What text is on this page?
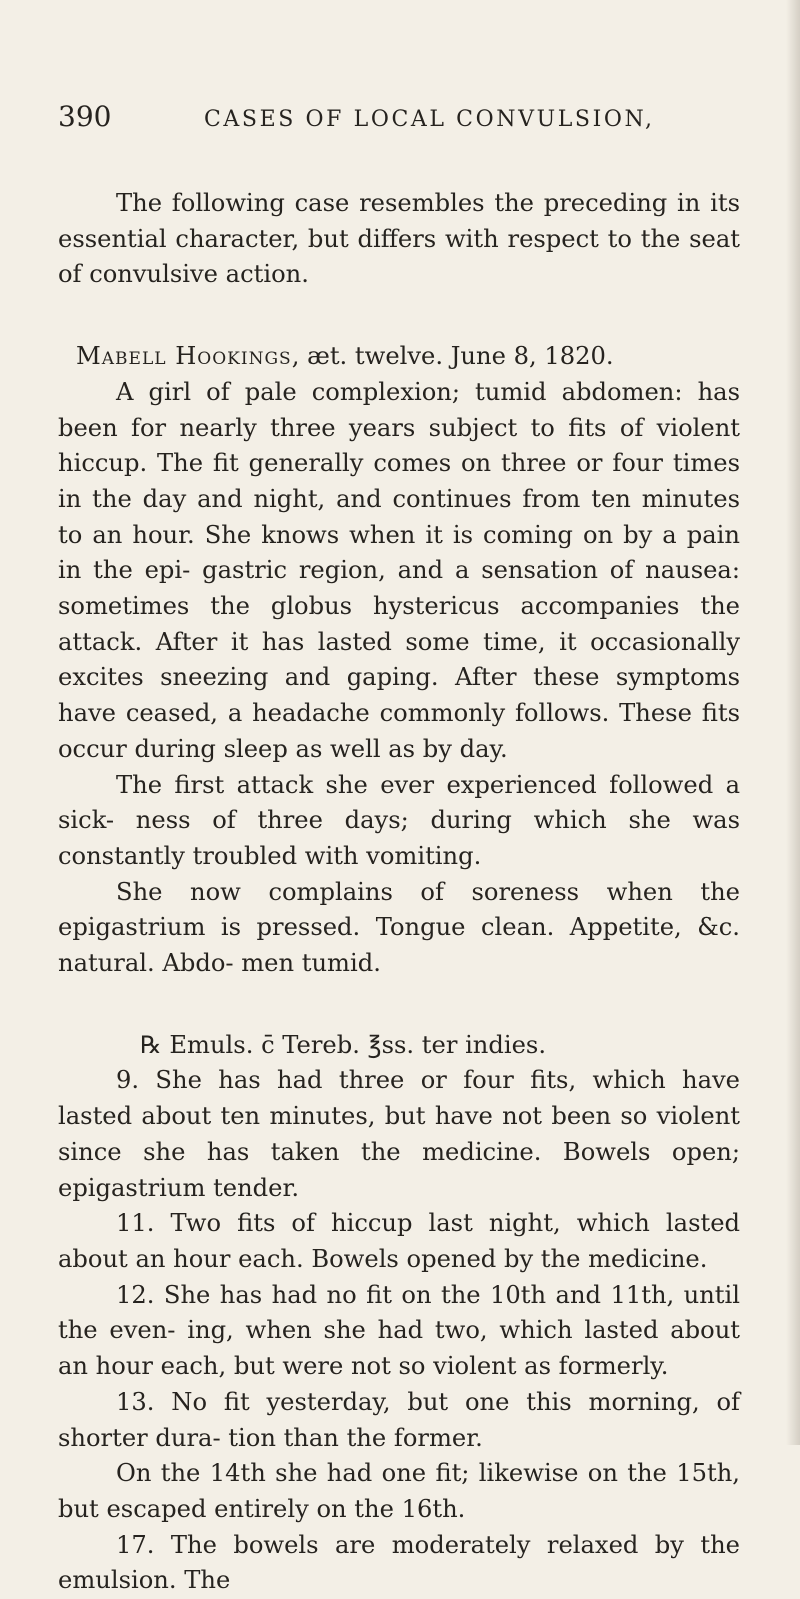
390	CASES OF LOCAL CONVULSION,

The following case resembles the preceding in its essential character, but differs with respect to the seat of convulsive action.

Mabell Hookings, æt. twelve. June 8, 1820.

A girl of pale complexion; tumid abdomen: has been for nearly three years subject to fits of violent hiccup. The fit generally comes on three or four times in the day and night, and continues from ten minutes to an hour. She knows when it is coming on by a pain in the epi- gastric region, and a sensation of nausea: sometimes the globus hystericus accompanies the attack. After it has lasted some time, it occasionally excites sneezing and gaping. After these symptoms have ceased, a headache commonly follows. These fits occur during sleep as well as by day.

The first attack she ever experienced followed a sick- ness of three days; during which she was constantly troubled with vomiting.

She now complains of soreness when the epigastrium is pressed. Tongue clean. Appetite, &c. natural. Abdo- men tumid.

℞ Emuls. c̄ Tereb. ℥ss. ter indies.

9. She has had three or four fits, which have lasted about ten minutes, but have not been so violent since she has taken the medicine. Bowels open; epigastrium tender.

11. Two fits of hiccup last night, which lasted about an hour each. Bowels opened by the medicine.

12. She has had no fit on the 10th and 11th, until the even- ing, when she had two, which lasted about an hour each, but were not so violent as formerly.

13. No fit yesterday, but one this morning, of shorter dura- tion than the former.

On the 14th she had one fit; likewise on the 15th, but escaped entirely on the 16th.

17. The bowels are moderately relaxed by the emulsion. The
